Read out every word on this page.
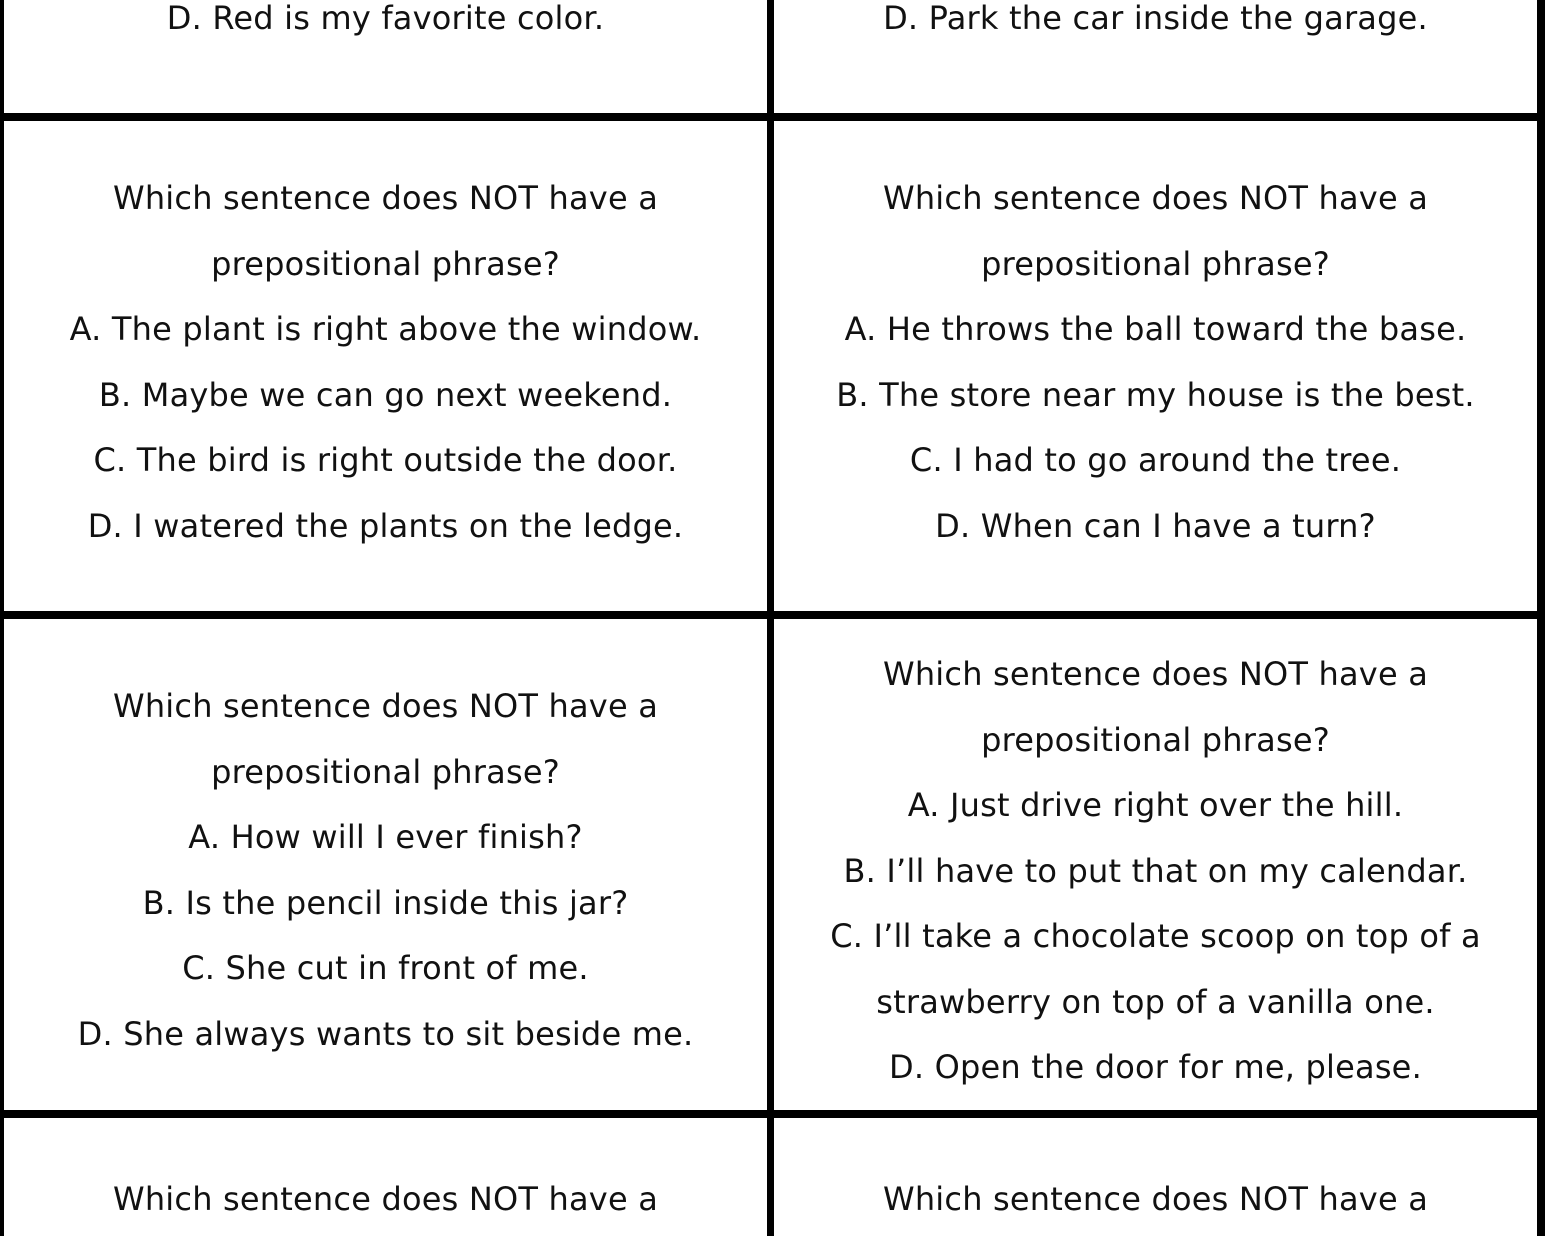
D. Red is my favorite color.	D. Park the car inside the garage.
Which sentence does NOT have a
prepositional phrase?
A. The plant is right above the window.
B. Maybe we can go next weekend.
C. The bird is right outside the door.
D. I watered the plants on the ledge.
Which sentence does NOT have a
prepositional phrase?
A. He throws the ball toward the base.
B. The store near my house is the best.
C. I had to go around the tree.
D. When can I have a turn?
Which sentence does NOT have a
prepositional phrase?
A. How will I ever finish?
B. Is the pencil inside this jar?
C. She cut in front of me.
D. She always wants to sit beside me.
Which sentence does NOT have a
prepositional phrase?
A. Just drive right over the hill.
B. I’ll have to put that on my calendar.
C. I’ll take a chocolate scoop on top of a
strawberry on top of a vanilla one.
D. Open the door for me, please.
Which sentence does NOT have a	Which sentence does NOT have a
